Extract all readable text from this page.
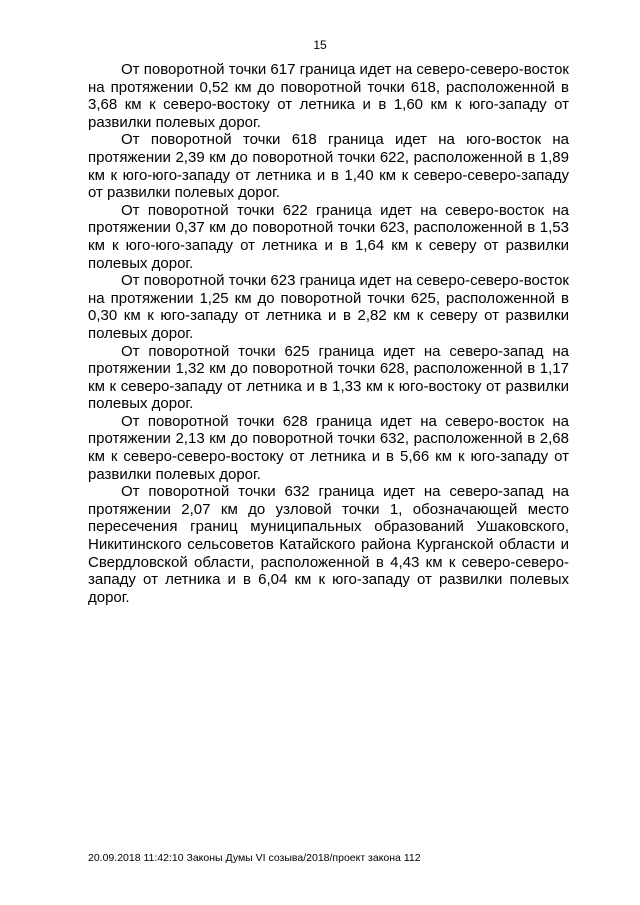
15

От поворотной точки 617 граница идет на северо-северо-восток на протяжении 0,52 км до поворотной точки 618, расположенной в 3,68 км к северо-востоку от летника и в 1,60 км к юго-западу от развилки полевых дорог.

От поворотной точки 618 граница идет на юго-восток на протяжении 2,39 км до поворотной точки 622, расположенной в 1,89 км к юго-юго-западу от летника и в 1,40 км к северо-северо-западу от развилки полевых дорог.

От поворотной точки 622 граница идет на северо-восток на протяжении 0,37 км до поворотной точки 623, расположенной в 1,53 км к юго-юго-западу от летника и в 1,64 км к северу от развилки полевых дорог.

От поворотной точки 623 граница идет на северо-северо-восток на протяжении 1,25 км до поворотной точки 625, расположенной в 0,30 км к юго-западу от летника и в 2,82 км к северу от развилки полевых дорог.

От поворотной точки 625 граница идет на северо-запад на протяжении 1,32 км до поворотной точки 628, расположенной в 1,17 км к северо-западу от летника и в 1,33 км к юго-востоку от развилки полевых дорог.

От поворотной точки 628 граница идет на северо-восток на протяжении 2,13 км до поворотной точки 632, расположенной в 2,68 км к северо-северо-востоку от летника и в 5,66 км к юго-западу от развилки полевых дорог.

От поворотной точки 632 граница идет на северо-запад на протяжении 2,07 км до узловой точки 1, обозначающей место пересечения границ муниципальных образований Ушаковского, Никитинского сельсоветов Катайского района Курганской области и Свердловской области, расположенной в 4,43 км к северо-северо-западу от летника и в 6,04 км к юго-западу от развилки полевых дорог.

20.09.2018 11:42:10 Законы Думы VI созыва/2018/проект закона 112
